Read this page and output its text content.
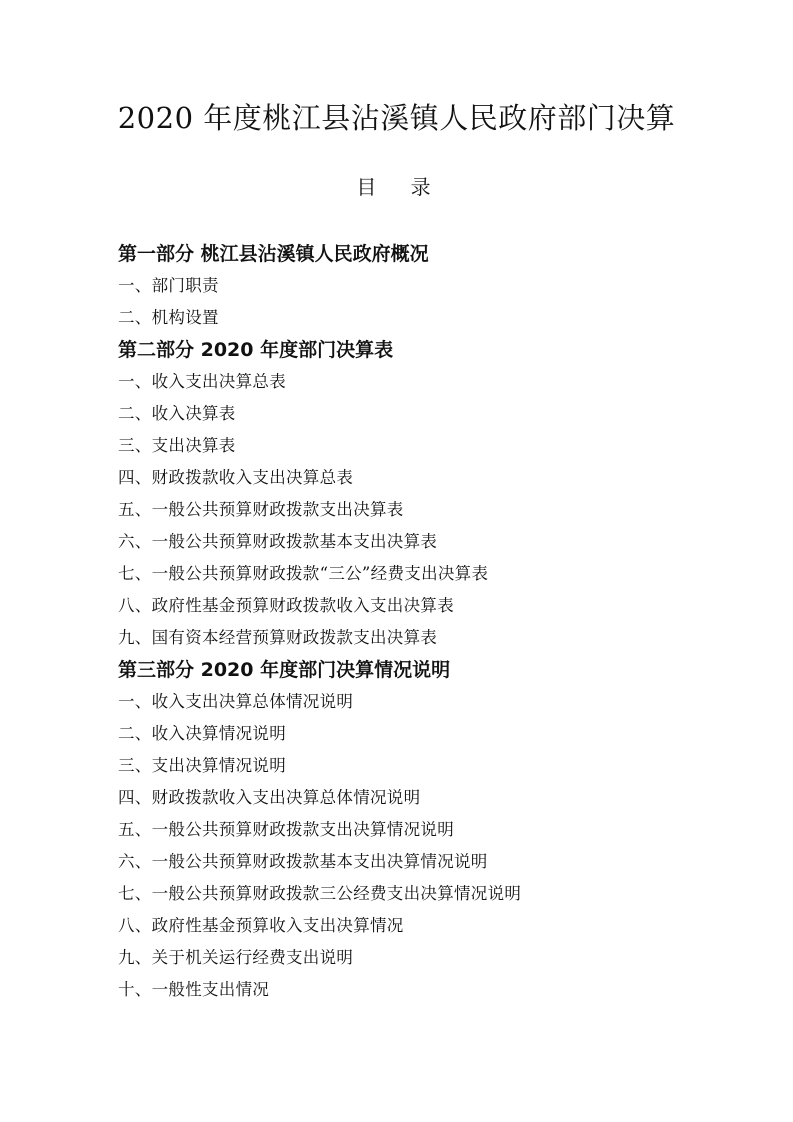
2020 年度桃江县沾溪镇人民政府部门决算
目 录
第一部分 桃江县沾溪镇人民政府概况
一、部门职责
二、机构设置
第二部分 2020 年度部门决算表
一、收入支出决算总表
二、收入决算表
三、支出决算表
四、财政拨款收入支出决算总表
五、一般公共预算财政拨款支出决算表
六、一般公共预算财政拨款基本支出决算表
七、一般公共预算财政拨款“三公”经费支出决算表
八、政府性基金预算财政拨款收入支出决算表
九、国有资本经营预算财政拨款支出决算表
第三部分 2020 年度部门决算情况说明
一、收入支出决算总体情况说明
二、收入决算情况说明
三、支出决算情况说明
四、财政拨款收入支出决算总体情况说明
五、一般公共预算财政拨款支出决算情况说明
六、一般公共预算财政拨款基本支出决算情况说明
七、一般公共预算财政拨款三公经费支出决算情况说明
八、政府性基金预算收入支出决算情况
九、关于机关运行经费支出说明
十、一般性支出情况
